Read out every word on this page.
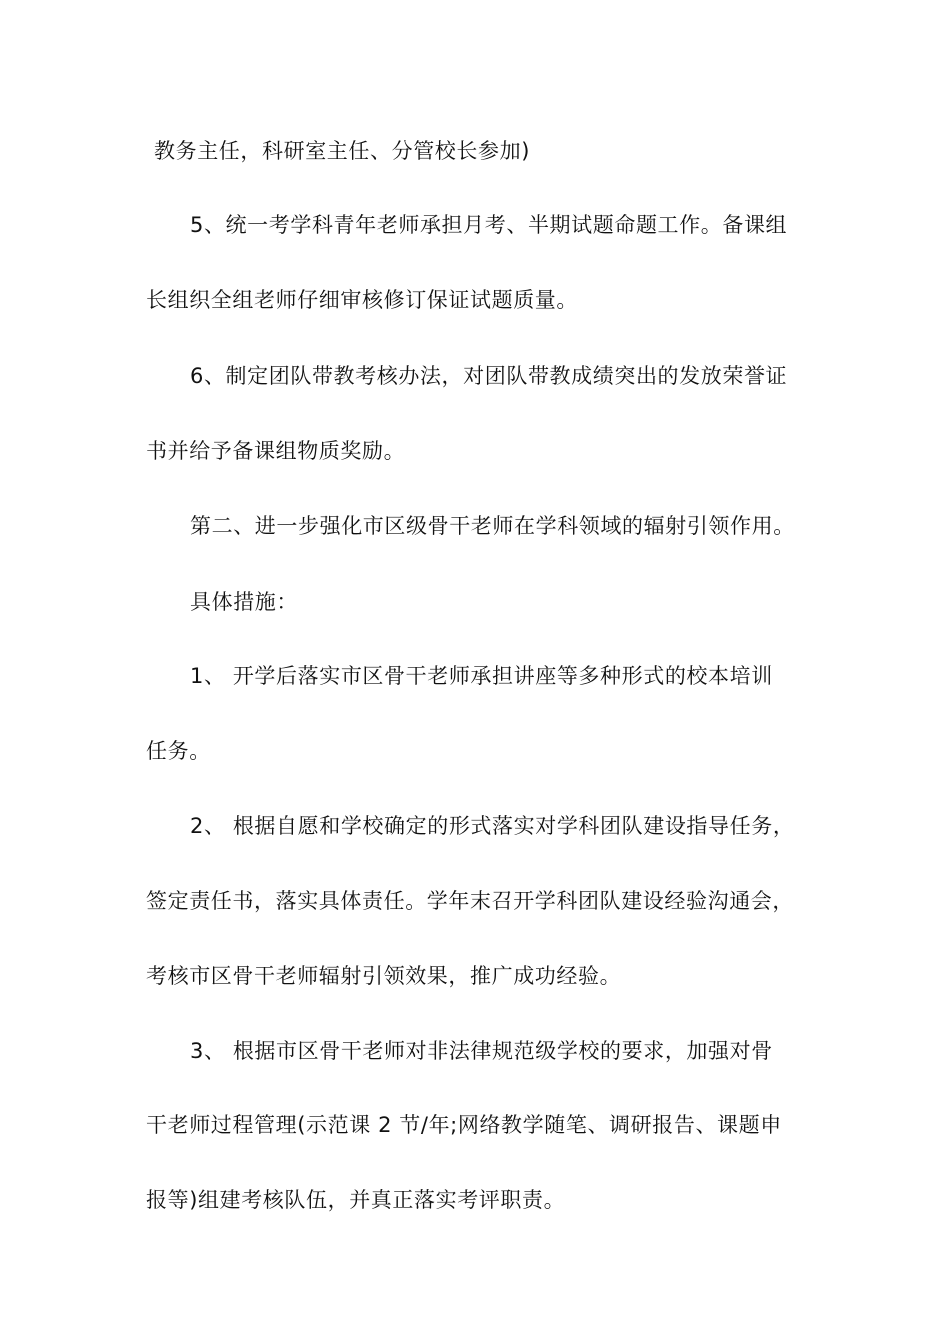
教务主任，科研室主任、分管校长参加)
5、统一考学科青年老师承担月考、半期试题命题工作。备课组
长组织全组老师仔细审核修订保证试题质量。
6、制定团队带教考核办法，对团队带教成绩突出的发放荣誉证
书并给予备课组物质奖励。
第二、进一步强化市区级骨干老师在学科领域的辐射引领作用。
具体措施：
1、 开学后落实市区骨干老师承担讲座等多种形式的校本培训
任务。
2、 根据自愿和学校确定的形式落实对学科团队建设指导任务，
签定责任书，落实具体责任。学年末召开学科团队建设经验沟通会，
考核市区骨干老师辐射引领效果，推广成功经验。
3、 根据市区骨干老师对非法律规范级学校的要求，加强对骨
干老师过程管理(示范课 2 节/年;网络教学随笔、调研报告、课题申
报等)组建考核队伍，并真正落实考评职责。
